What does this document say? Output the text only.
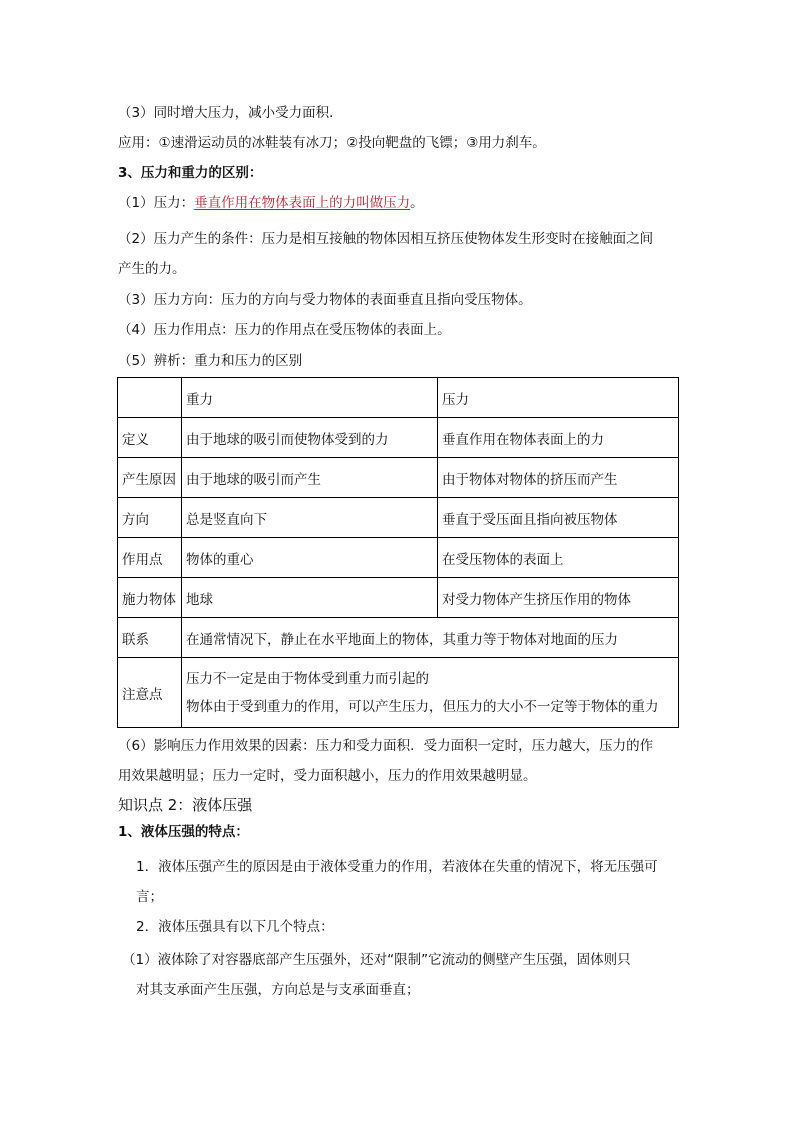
（3）同时增大压力，减小受力面积．
应用：①速滑运动员的冰鞋装有冰刀；②投向靶盘的飞镖；③用力刹车。
3、压力和重力的区别：
（1）压力：垂直作用在物体表面上的力叫做压力。
（2）压力产生的条件：压力是相互接触的物体因相互挤压使物体发生形变时在接触面之间
产生的力。
（3）压力方向：压力的方向与受力物体的表面垂直且指向受压物体。
（4）压力作用点：压力的作用点在受压物体的表面上。
（5）辨析：重力和压力的区别
	重力	压力
定义	由于地球的吸引而使物体受到的力	垂直作用在物体表面上的力
产生原因	由于地球的吸引而产生	由于物体对物体的挤压而产生
方向	总是竖直向下	垂直于受压面且指向被压物体
作用点	物体的重心	在受压物体的表面上
施力物体	地球	对受力物体产生挤压作用的物体
联系	在通常情况下，静止在水平地面上的物体，其重力等于物体对地面的压力	
注意点	压力不一定是由于物体受到重力而引起的
物体由于受到重力的作用，可以产生压力，但压力的大小不一定等于物体的重力	
（6）影响压力作用效果的因素：压力和受力面积．受力面积一定时，压力越大，压力的作
用效果越明显；压力一定时，受力面积越小，压力的作用效果越明显。
知识点 2：液体压强
1、液体压强的特点：
1．液体压强产生的原因是由于液体受重力的作用，若液体在失重的情况下，将无压强可
言；
2．液体压强具有以下几个特点：
（1）液体除了对容器底部产生压强外，还对“限制”它流动的侧壁产生压强，固体则只
对其支承面产生压强，方向总是与支承面垂直；
